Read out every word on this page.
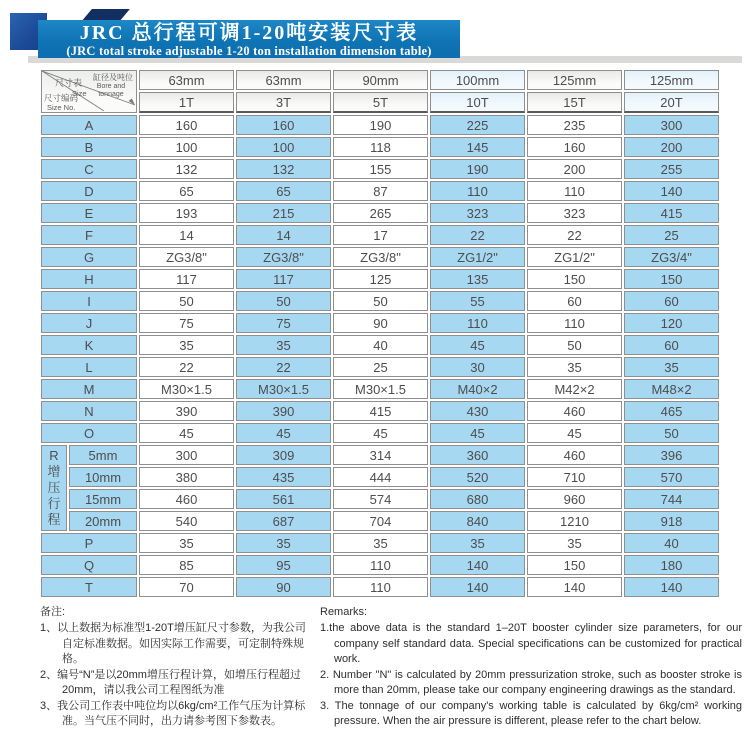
JRC 总行程可调1-20吨安装尺寸表
(JRC total stroke adjustable 1-20 ton installation dimension table)
尺寸表
Size
缸径及吨位
Bore and tonnage
尺寸编码
Size No.
	63mm	63mm	90mm	100mm	125mm	125mm
		1T	3T	5T	10T	15T	20T
A		160	160	190	225	235	300
B		100	100	118	145	160	200
C		132	132	155	190	200	255
D		65	65	87	110	110	140
E		193	215	265	323	323	415
F		14	14	17	22	22	25
G		ZG3/8"	ZG3/8"	ZG3/8"	ZG1/2"	ZG1/2"	ZG3/4"
H		117	117	125	135	150	150
I		50	50	50	55	60	60
J		75	75	90	110	110	120
K		35	35	40	45	50	60
L		22	22	25	30	35	35
M		M30×1.5	M30×1.5	M30×1.5	M40×2	M42×2	M48×2
N		390	390	415	430	460	465
O		45	45	45	45	45	50

R
增
压
行
程	5mm	300	309	314	360	460	396
	10mm	380	435	444	520	710	570
	15mm	460	561	574	680	960	744
	20mm	540	687	704	840	1210	918
P		35	35	35	35	35	40
Q		85	95	110	140	150	180
T		70	90	110	140	140	140
备注:
1、以上数据为标准型1-20T增压缸尺寸参数，为我公司自定标准数据。如因实际工作需要，可定制特殊规格。
2、编号“N”是以20mm增压行程计算，如增压行程超过20mm，请以我公司工程图纸为准
3、我公司工作表中吨位均以6kg/cm²工作气压为计算标准。当气压不同时，出力请参考图下参数表。
Remarks:
1.the above data is the standard 1–20T booster cylinder size parameters, for our company self standard data. Special specifications can be customized for practical work.
2. Number "N" is calculated by 20mm pressurization stroke, such as booster stroke is more than 20mm, please take our company engineering drawings as the standard.
3. The tonnage of our company's working table is calculated by 6kg/cm² working pressure. When the air pressure is different, please refer to the chart below.
